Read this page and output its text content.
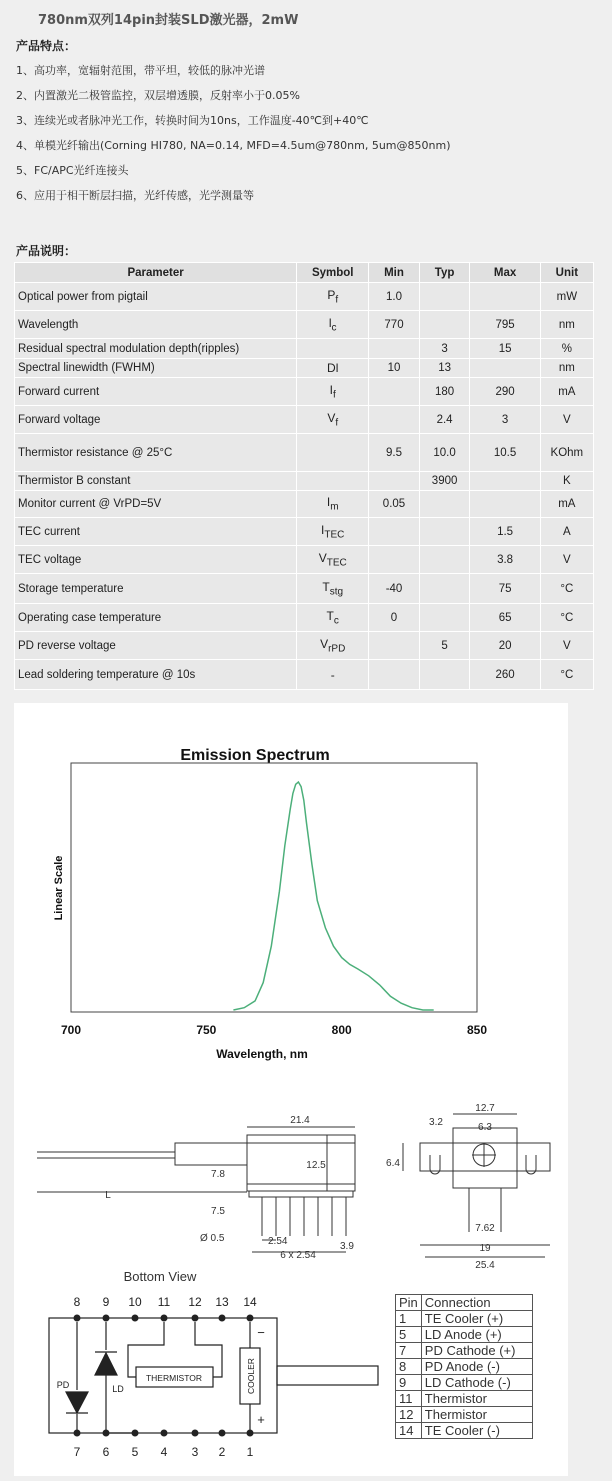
780nm双列14pin封装SLD激光器，2mW
产品特点：
1、高功率，宽辐射范围，带平坦，较低的脉冲光谱
2、内置激光二极管监控，双层增透膜，反射率小于0.05%
3、连续光或者脉冲光工作，转换时间为10ns，工作温度-40℃到+40℃
4、单模光纤输出(Corning HI780, NA=0.14, MFD=4.5um@780nm, 5um@850nm)
5、FC/APC光纤连接头
6、应用于相干断层扫描，光纤传感，光学测量等
产品说明：
Parameter	Symbol	Min	Typ	Max	Unit
Optical power from pigtail	$P_f$	1.0			mW
Wavelength	$l_c$	770		795	nm
Residual spectral modulation depth(ripples)			3	15	%
Spectral linewidth (FWHM)	Dl	10	13		nm
Forward current	$I_f$		180	290	mA
Forward voltage	$V_f$		2.4	3	V
Thermistor resistance @ 25°C		9.5	10.0	10.5	KOhm
Thermistor B constant			3900		K
Monitor current @ VrPD=5V	$I_m$	0.05			mA
TEC current	$I_{TEC}$			1.5	A
TEC voltage	$V_{TEC}$			3.8	V
Storage temperature	$T_{stg}$	-40		75	°C
Operating case temperature	$T_c$	0		65	°C
PD reverse voltage	$V_{rPD}$		5	20	V
Lead soldering temperature @ 10s	-			260	°C
Emission Spectrum
Linear Scale
700	750	800	850
Wavelength, nm
21.4
12.5
7.8
7.5
Ø 0.5	2.54
6 x 2.54
3.9
L
12.7
3.2	6.3
6.4
7.62
19
25.4
Bottom View
8 9 10 11 12 13 14
7 6 5 4 3 2 1
PD	LD
THERMISTOR	COOLER
−
+
Pin	Connection
1	TE Cooler (+)
5	LD Anode (+)
7	PD Cathode (+)
8	PD Anode (-)
9	LD Cathode (-)
11	Thermistor
12	Thermistor
14	TE Cooler (-)
